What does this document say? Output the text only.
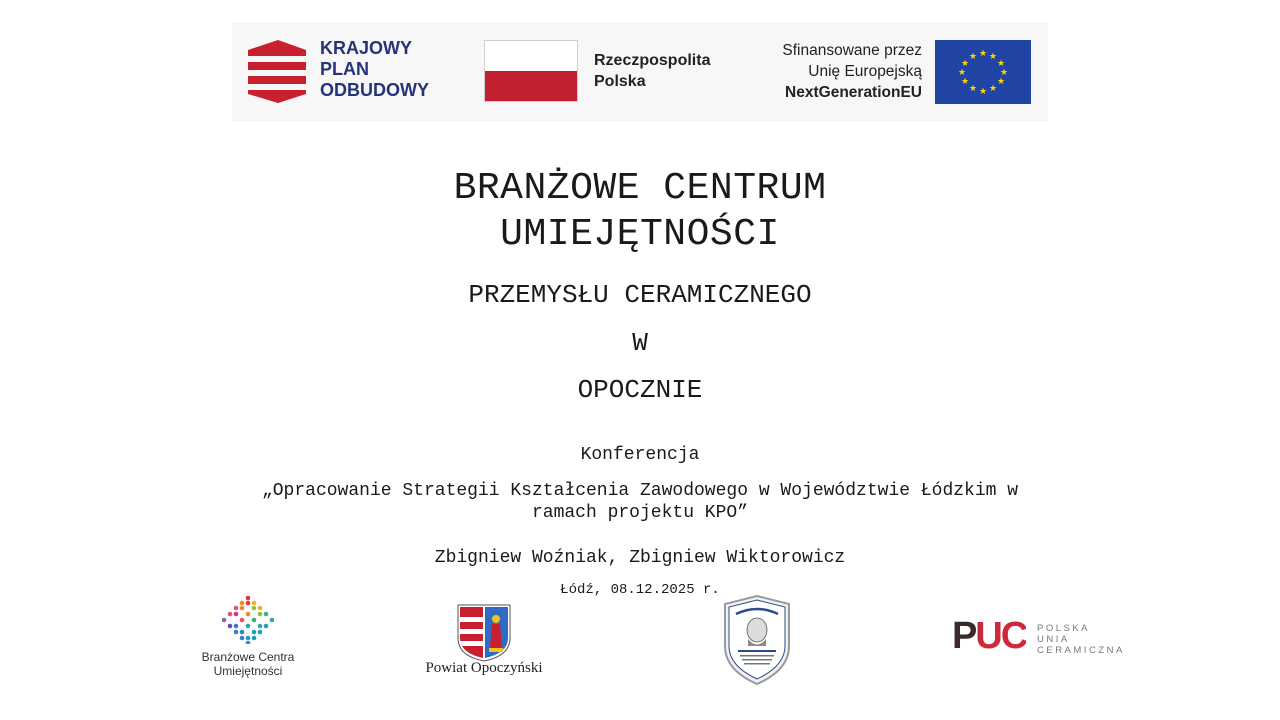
KRAJOWY
PLAN
ODBUDOWY
Rzeczpospolita
Polska
Sfinansowane przez
Unię Europejską
NextGenerationEU
★ ★
★
★
★
★
★
★
★
★
★
★
BRANŻOWE CENTRUM
UMIEJĘTNOŚCI
PRZEMYSŁU CERAMICZNEGO
W
OPOCZNIE
Konferencja
„Opracowanie Strategii Kształcenia Zawodowego w Województwie Łódzkim w
ramach projektu KPO”
Zbigniew Woźniak, Zbigniew Wiktorowicz
Łódź, 08.12.2025 r.
Branżowe Centra
Umiejętności	Powiat Opoczyński
PUC POLSKA
UNIA
CERAMICZNA
